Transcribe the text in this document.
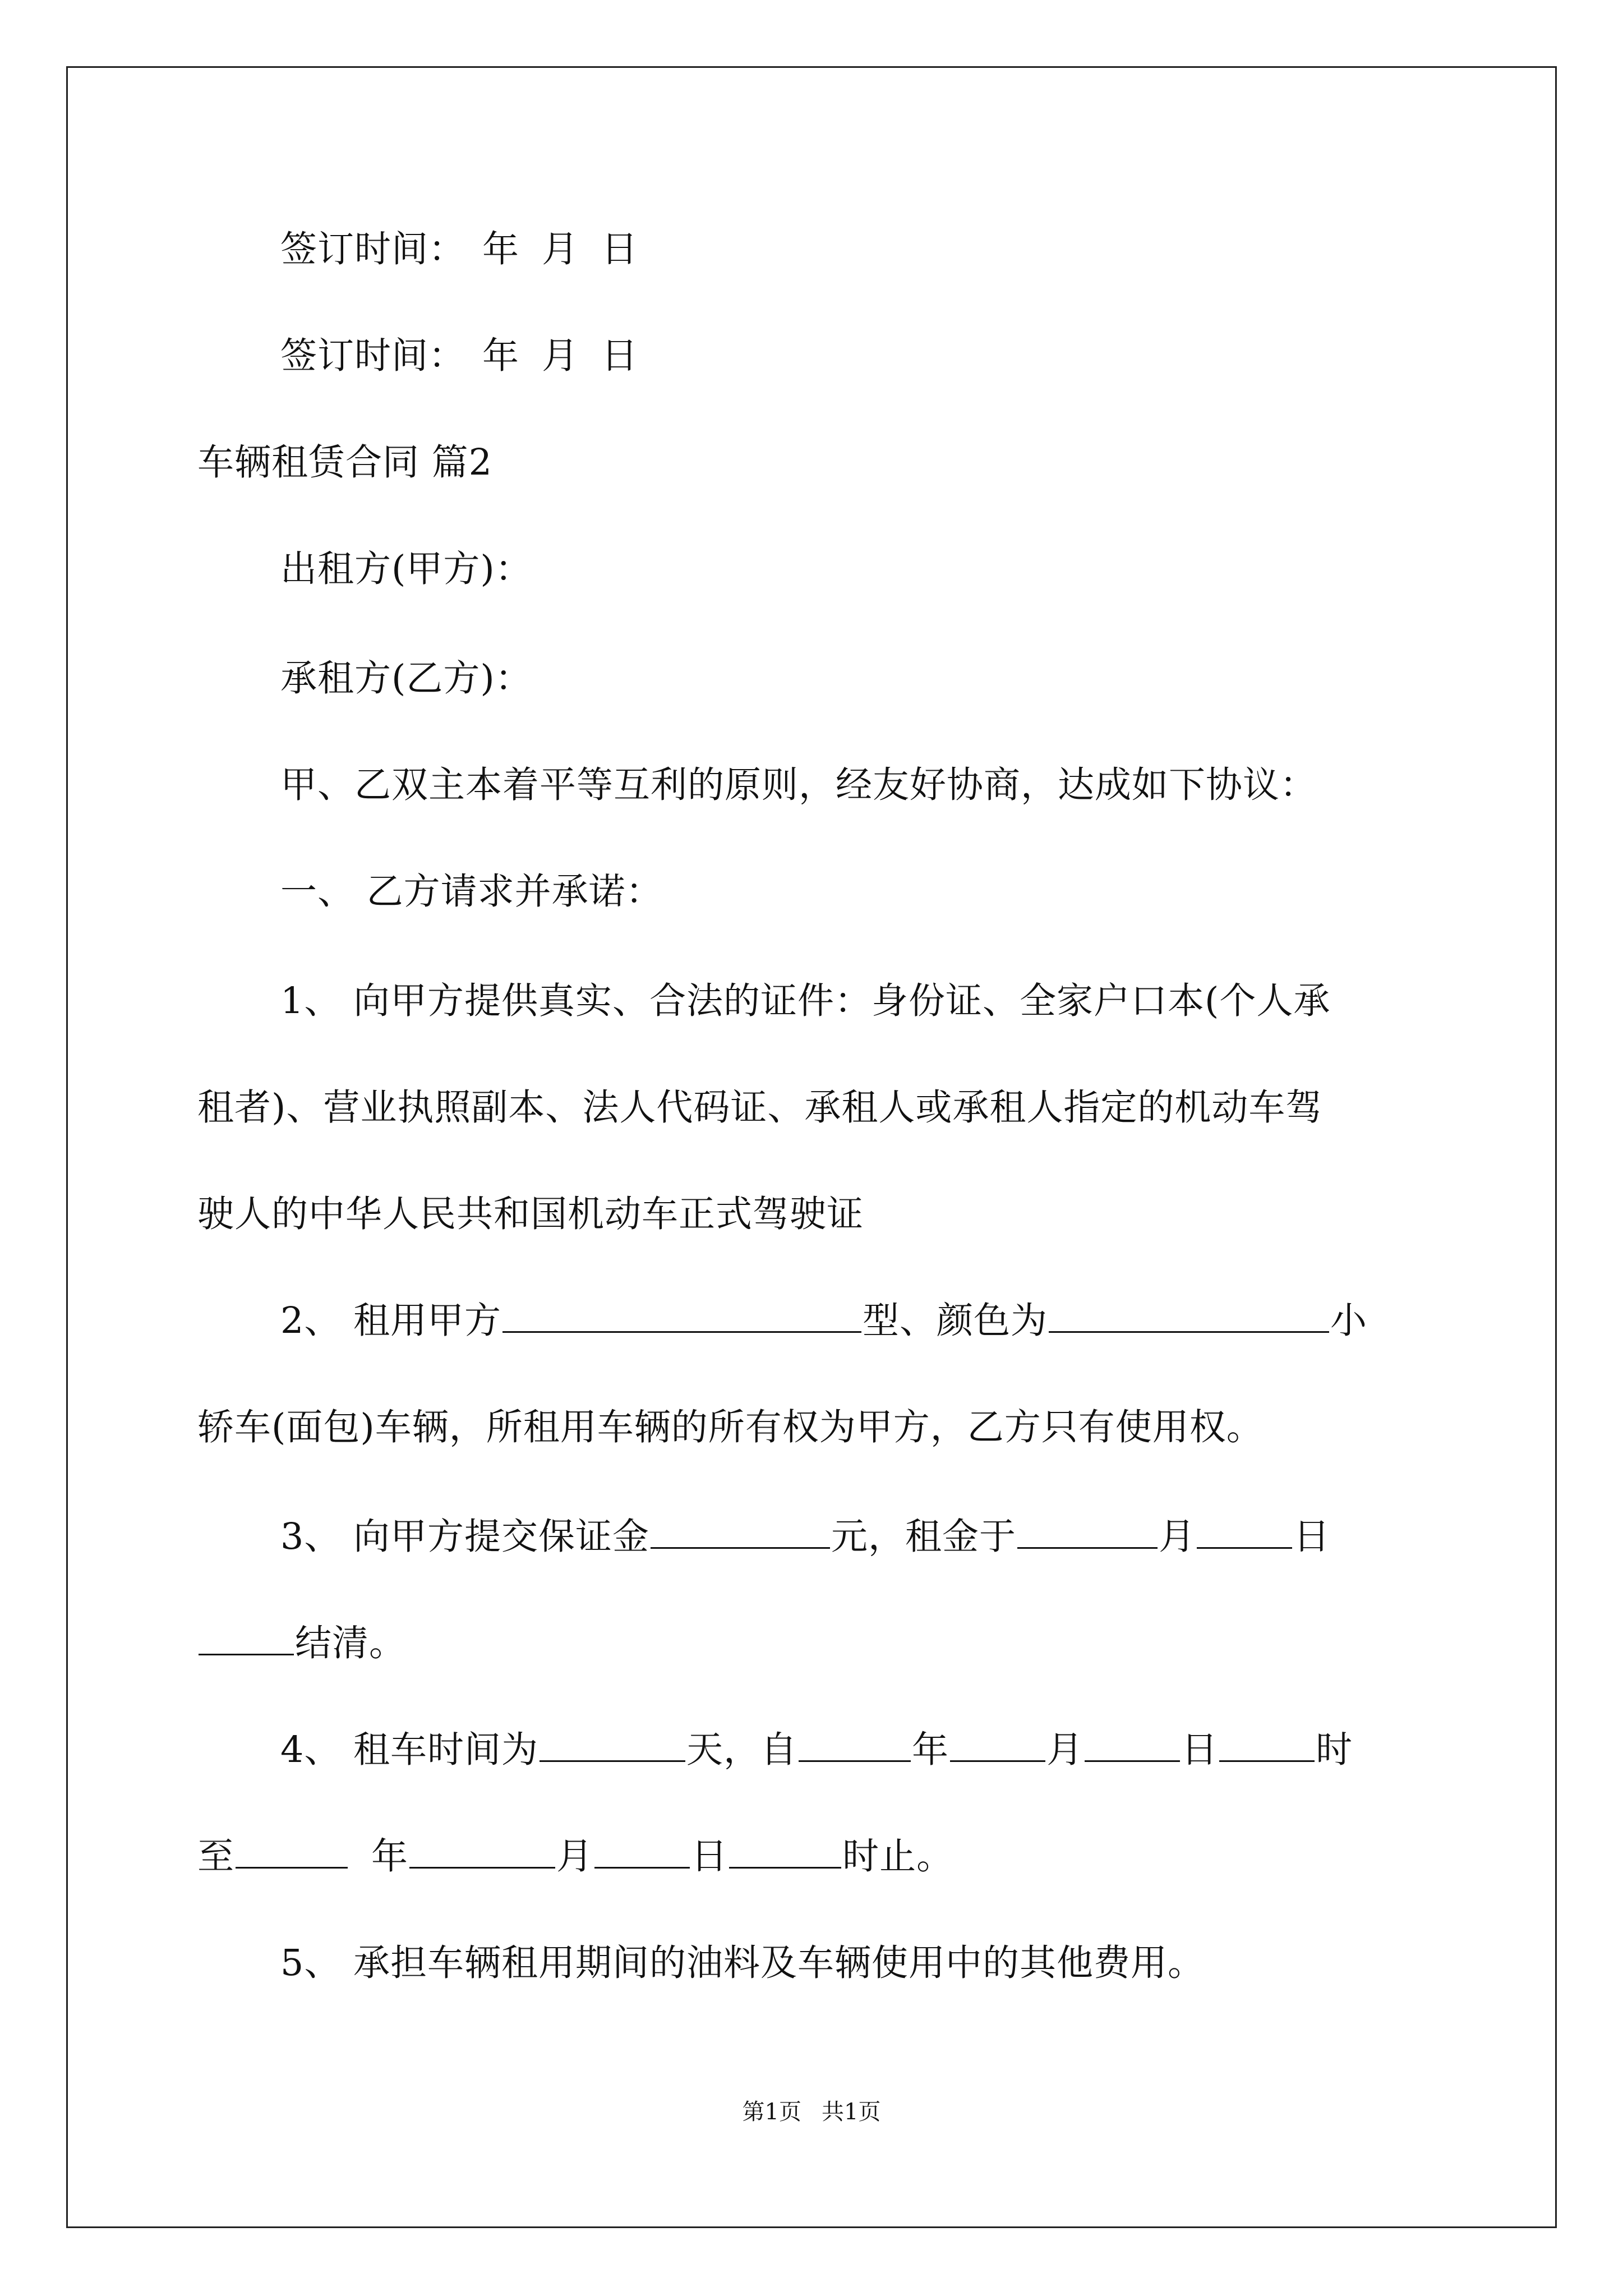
签订时间： 年 月 日
签订时间： 年 月 日
车辆租赁合同 篇2
出租方(甲方)：
承租方(乙方)：
甲、乙双主本着平等互利的原则，经友好协商，达成如下协议：
一、 乙方请求并承诺：
1、 向甲方提供真实、合法的证件：身份证、全家户口本(个人承
租者)、营业执照副本、法人代码证、承租人或承租人指定的机动车驾
驶人的中华人民共和国机动车正式驾驶证
2、 租用甲方	型、颜色为	小
轿车(面包)车辆，所租用车辆的所有权为甲方，乙方只有使用权。
3、 向甲方提交保证金	元，租金于	月	日
结清。
4、 租车时间为	天，自	年	月	日	时
至	年	月	日	时止。
5、 承担车辆租用期间的油料及车辆使用中的其他费用。
第1页 共1页
